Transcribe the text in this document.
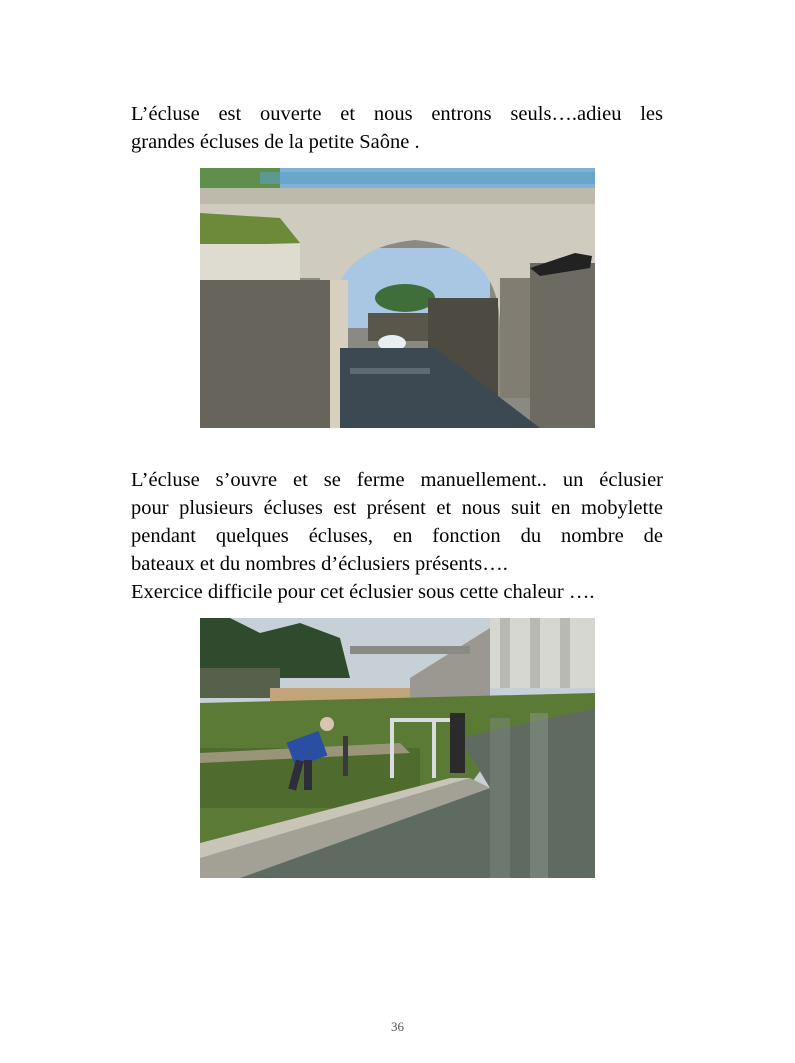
L’écluse est ouverte et nous entrons seuls….adieu les

grandes écluses de la petite Saône .

L’écluse s’ouvre et se ferme manuellement.. un éclusier

pour plusieurs écluses est présent et nous suit en mobylette

pendant quelques écluses, en fonction du nombre de

bateaux et du nombres d’éclusiers présents….

Exercice difficile pour cet éclusier sous cette chaleur ….

36
